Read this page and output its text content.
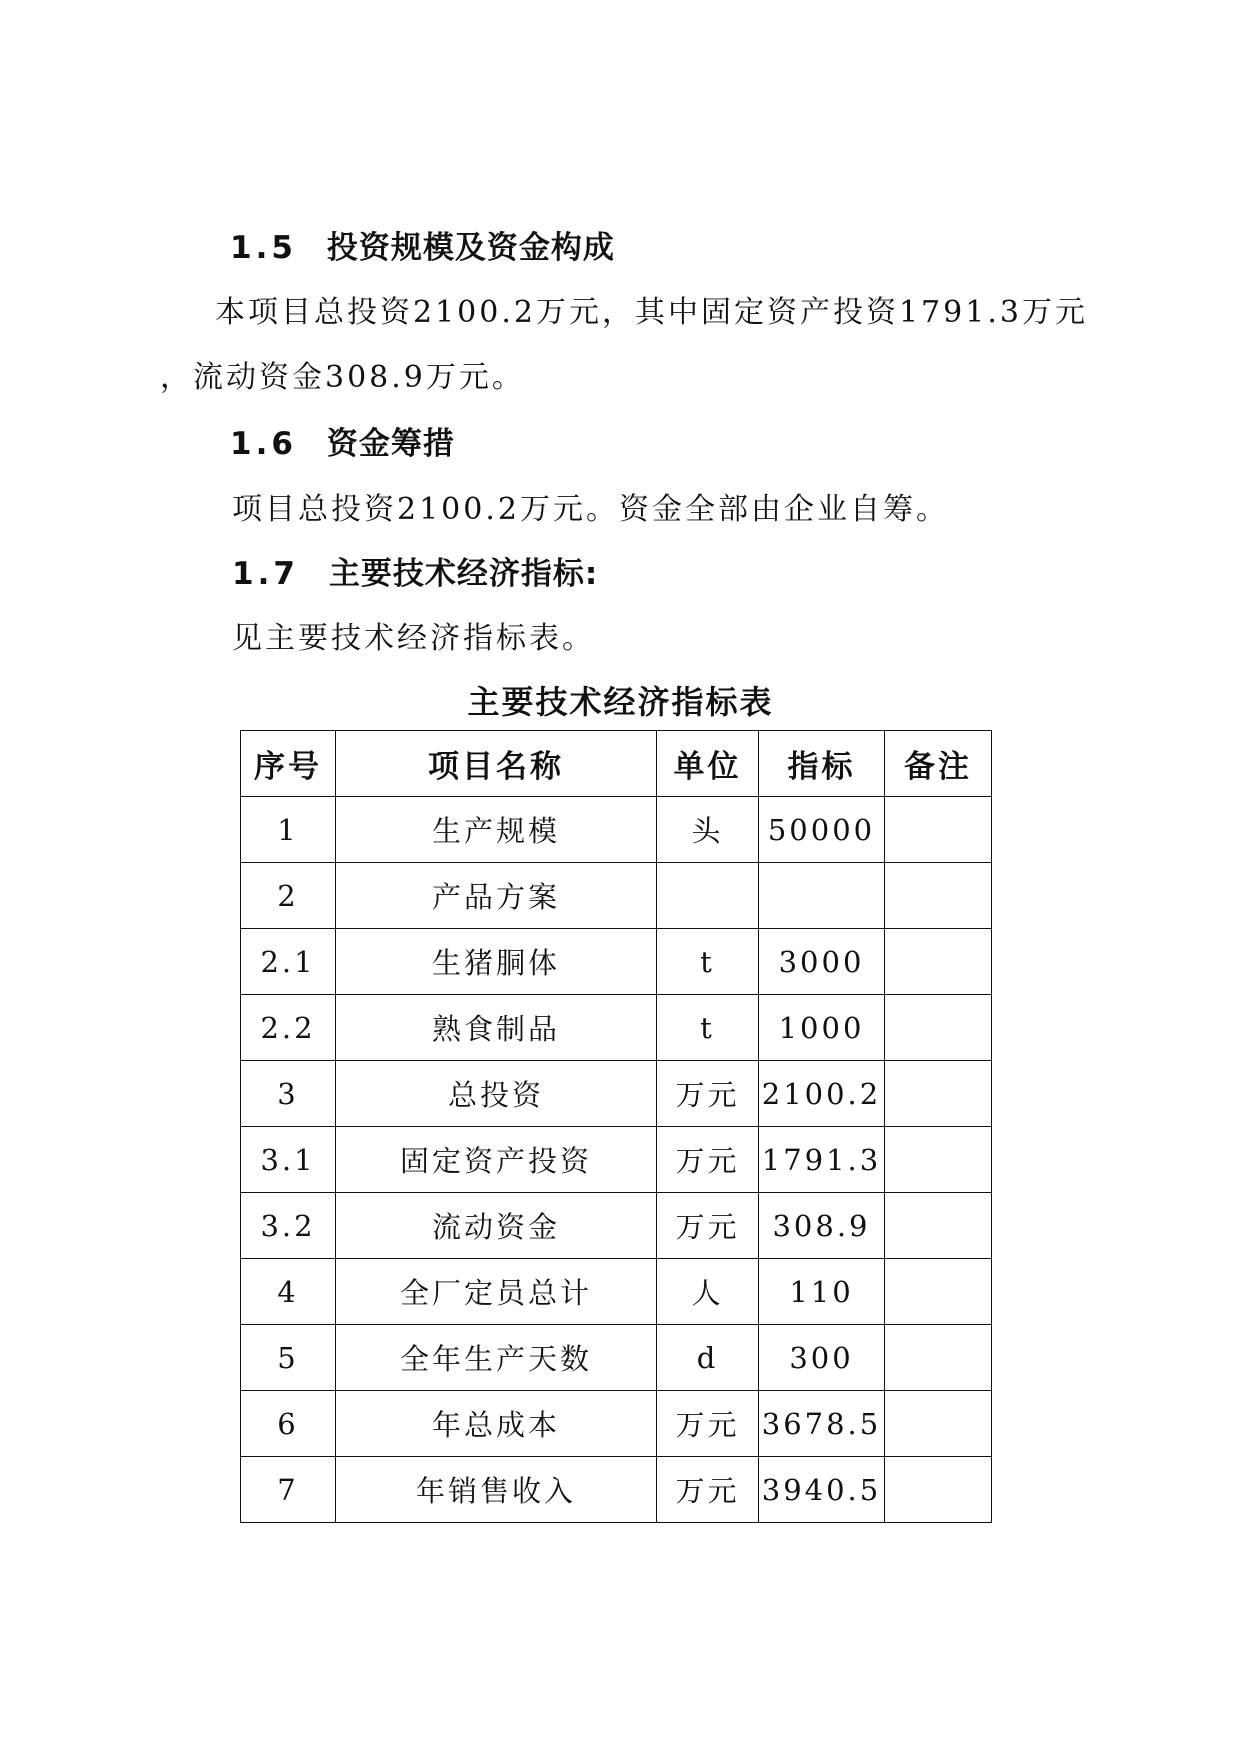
1.5 投资规模及资金构成
本项目总投资2100.2万元，其中固定资产投资1791.3万元
，流动资金308.9万元。
1.6 资金筹措
项目总投资2100.2万元。资金全部由企业自筹。
1.7 主要技术经济指标:
见主要技术经济指标表。
主要技术经济指标表
序号	项目名称	单位	指标	备注
1	生产规模	头	50000	
2	产品方案			
2.1	生猪胴体	t	3000	
2.2	熟食制品	t	1000	
3	总投资	万元	2100.2	
3.1	固定资产投资	万元	1791.3	
3.2	流动资金	万元	308.9	
4	全厂定员总计	人	110	
5	全年生产天数	d	300	
6	年总成本	万元	3678.5	
7	年销售收入	万元	3940.5	
